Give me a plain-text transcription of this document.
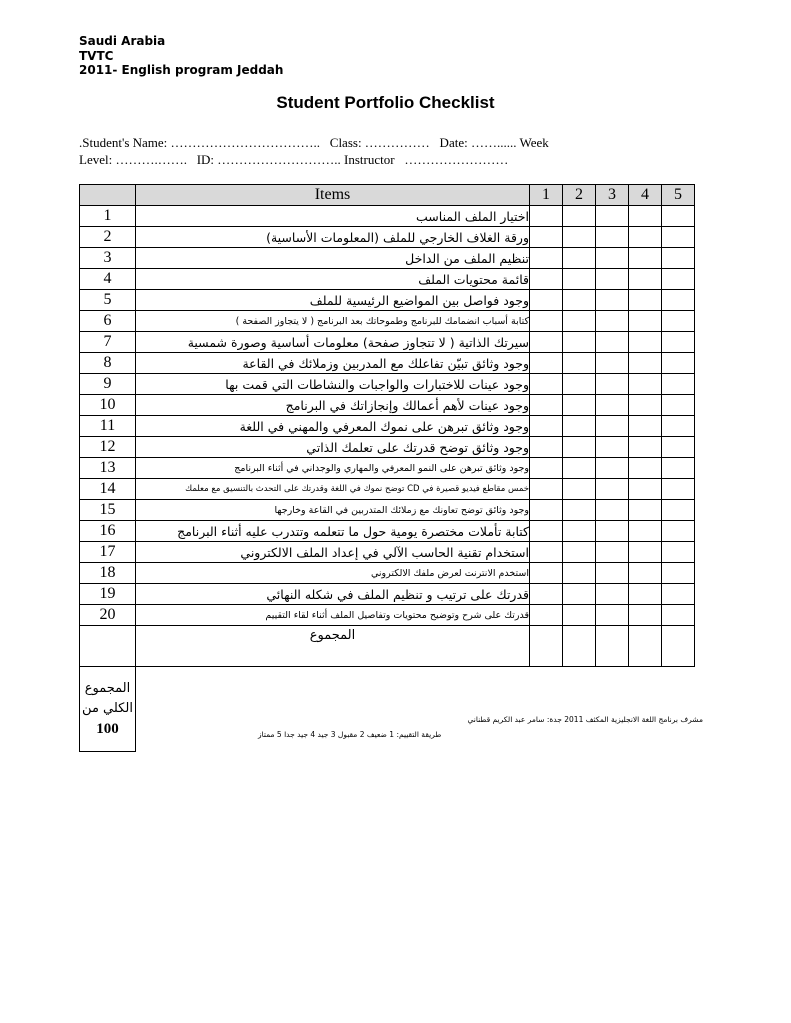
Saudi Arabia
TVTC
2011- English program Jeddah
Student Portfolio Checklist
.Student's Name: ……………………………..   Class: ……………   Date: ……...... Week
Level: ……….…….   ID: ……………………….. Instructor   ……………………
	Items	1	2	3	4	5
1	اختيار الملف المناسب					
2	ورقة الغلاف الخارجي للملف (المعلومات الأساسية)					
3	تنظيم الملف من الداخل					
4	قائمة محتويات الملف					
5	وجود فواصل بين المواضيع الرئيسية للملف					
6	كتابة أسباب انضمامك للبرنامج وطموحاتك بعد البرنامج ( لا يتجاوز الصفحة )					
7	سيرتك الذاتية ( لا تتجاوز صفحة) معلومات أساسية وصورة شمسية					
8	وجود وثائق تبيّن تفاعلك مع المدربين وزملائك في القاعة					
9	وجود عينات للاختبارات والواجبات والنشاطات التي قمت بها					
10	وجود عينات لأهم أعمالك وإنجازاتك في البرنامج					
11	وجود وثائق تبرهن على نموك المعرفي والمهني في اللغة					
12	وجود وثائق توضح قدرتك على تعلمك الذاتي					
13	وجود وثائق تبرهن على النمو المعرفي والمهاري والوجداني في أثناء البرنامج					
14	خمس مقاطع فيديو قصيرة في CD توضح نموك في اللغة وقدرتك على التحدث بالتنسيق مع معلمك					
15	وجود وثائق توضح تعاونك مع زملائك المتدربين في القاعة وخارجها					
16	كتابة تأملات مختصرة يومية حول ما تتعلمه وتتدرب عليه أثناء البرنامج					
17	استخدام تقنية الحاسب الآلي في إعداد الملف الالكتروني					
18	استخدم الانترنت لعرض ملفك الالكتروني					
19	قدرتك على ترتيب و تنظيم الملف في شكله النهائي					
20	قدرتك على شرح وتوضيح محتويات وتفاصيل الملف أثناء لقاء التقييم					
	المجموع					

المجموع
الكلي من
100						
مشرف برنامج اللغة الانجليزية المكثف 2011 جدة: سامر عبد الكريم قطناني
طريقة التقييم: 1 ضعيف 2 مقبول 3 جيد 4 جيد جدا 5 ممتاز
